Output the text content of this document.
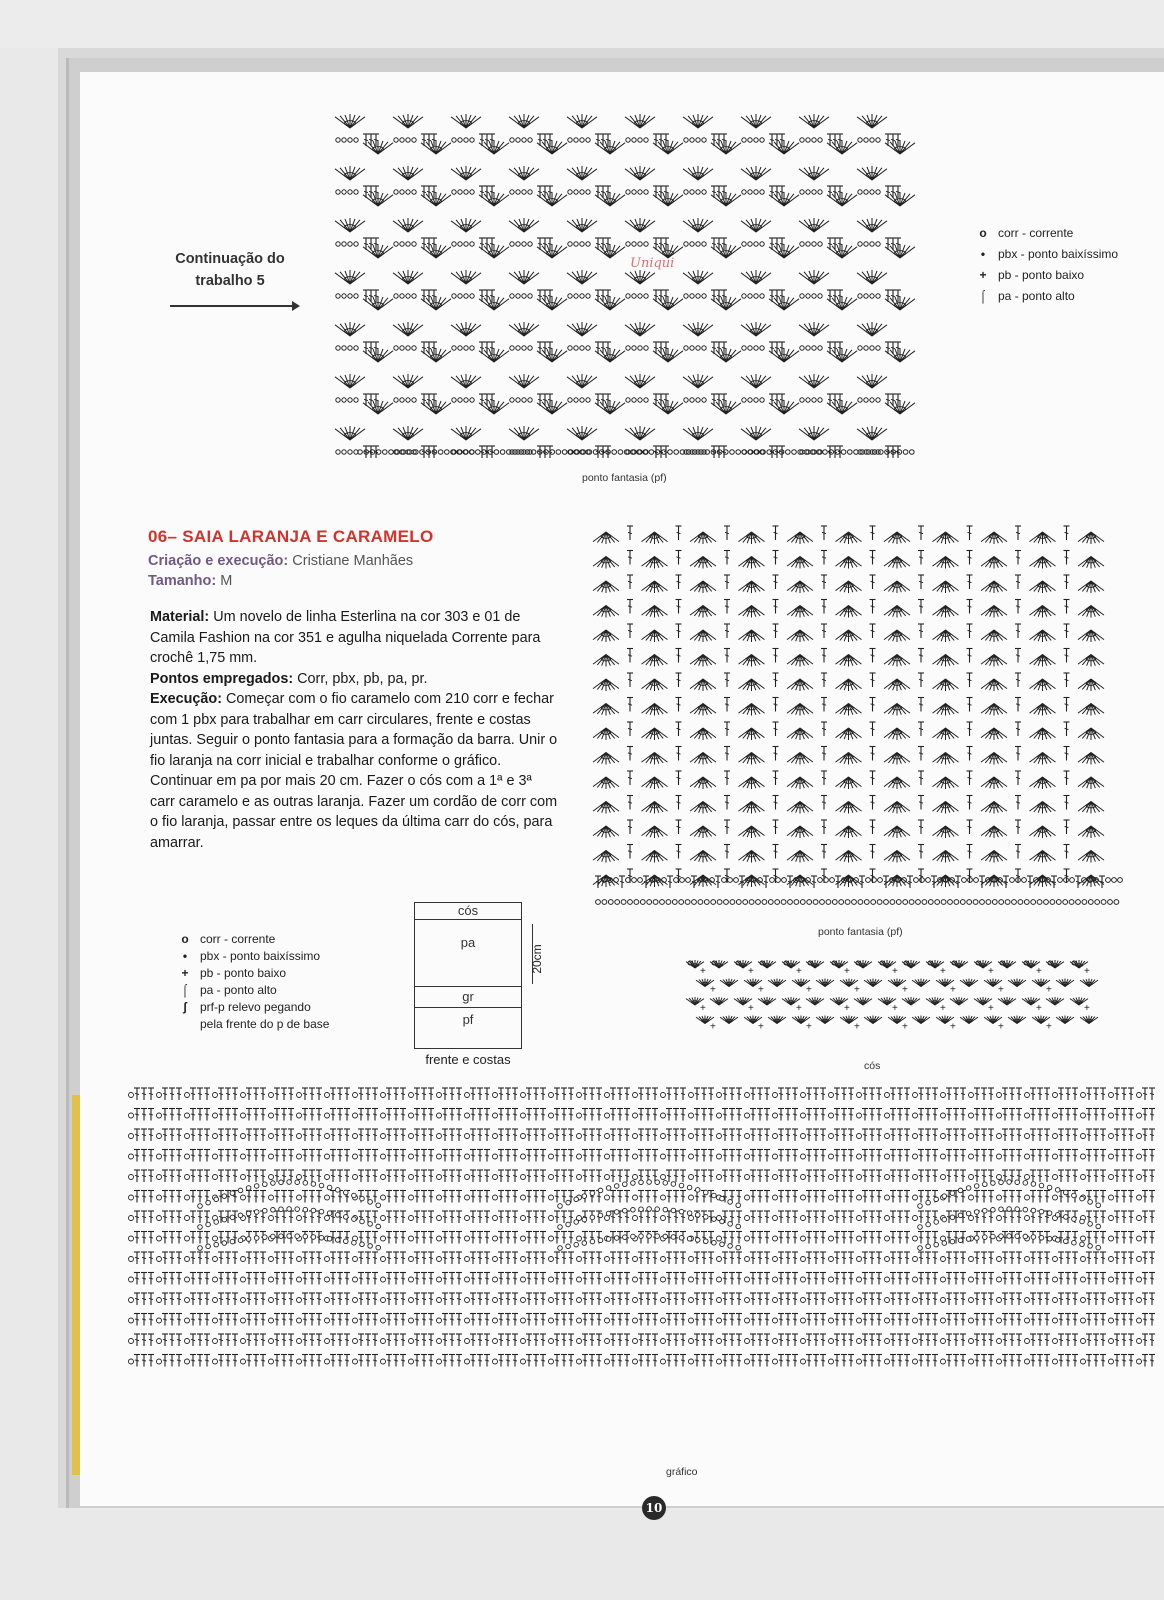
+	+	+	+	+	+	+	+	+
+	+	+	+	+	+	+	+
+	+	+	+	+	+	+	+	+
+	+	+	+	+	+	+	+
Uniqui
Continuação do
trabalho 5
o corr - corrente
•	pbx - ponto baixíssimo
+ pb - ponto baixo
⌠ pa - ponto alto
ponto fantasia (pf)
06– SAIA LARANJA E CARAMELO
Criação e execução: Cristiane Manhães
Tamanho: M

Material: Um novelo de linha Esterlina na cor 303 e 01 de Camila Fashion na cor 351 e agulha niquelada Corrente para crochê 1,75 mm.

Pontos empregados: Corr, pbx, pb, pa, pr.

Execução: Começar com o fio caramelo com 210 corr e fechar com 1 pbx para trabalhar em carr circulares, frente e costas juntas. Seguir o ponto fantasia para a formação da barra. Unir o fio laranja na corr inicial e trabalhar conforme o gráfico. Continuar em pa por mais 20 cm. Fazer o cós com a 1ª e 3ª carr caramelo e as outras laranja. Fazer um cordão de corr com o fio laranja, passar entre os leques da última carr do cós, para amarrar.

ponto fantasia (pf)
o corr - corrente
•	pbx - ponto baixíssimo
+ pb - ponto baixo
⌠ pa - ponto alto
ʃ	prf-p relevo pegando
pela frente do p de base
cós
pa
gr
pf
20cm
frente e costas	cós
gráfico
10
